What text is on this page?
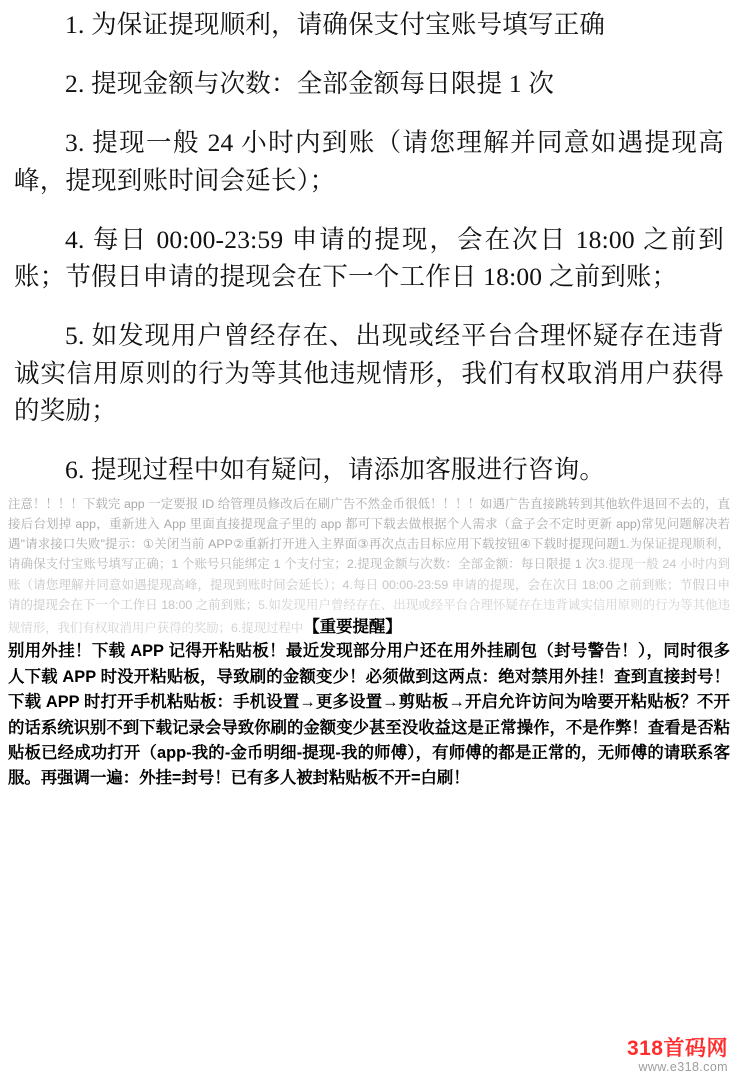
1. 为保证提现顺利，请确保支付宝账号填写正确

2. 提现金额与次数：全部金额每日限提 1 次

3. 提现一般 24 小时内到账（请您理解并同意如遇提现高峰，提现到账时间会延长）；

4. 每日 00:00-23:59 申请的提现，会在次日 18:00 之前到账；节假日申请的提现会在下一个工作日 18:00 之前到账；

5. 如发现用户曾经存在、出现或经平台合理怀疑存在违背诚实信用原则的行为等其他违规情形，我们有权取消用户获得的奖励；

6. 提现过程中如有疑问，请添加客服进行咨询。

注意！！！！下载完 app 一定要报 ID 给管理员修改后在刷广告不然金币很低！！！！如遇广告直接跳转到其他软件退回不去的，直接后台划掉 app，重新进入 App 里面直接提现盒子里的 app 都可下载去做根据个人需求（盒子会不定时更新 app)常见问题解决若遇"请求接口失败"提示：①关闭当前 APP②重新打开进入主界面③再次点击目标应用下载按钮④下载时提现问题1.为保证提现顺利，请确保支付宝账号填写正确；1 个账号只能绑定 1 个支付宝；2.提现金额与次数：全部金额：每日限提 1 次3.提现一般 24 小时内到账（请您理解并同意如遇提现高峰，提现到账时间会延长）；4.每日 00:00-23:59 申请的提现，会在次日 18:00 之前到账；节假日申请的提现会在下一个工作日 18:00 之前到账；5.如发现用户曾经存在、出现或经平台合理怀疑存在违背诚实信用原则的行为等其他违规情形，我们有权取消用户获得的奖励；6.提现过程中【重要提醒】

别用外挂！下载 APP 记得开粘贴板！最近发现部分用户还在用外挂刷包（封号警告！），同时很多人下载 APP 时没开粘贴板，导致刷的金额变少！必须做到这两点：绝对禁用外挂！查到直接封号！下载 APP 时打开手机粘贴板：手机设置→更多设置→剪贴板→开启允许访问为啥要开粘贴板？不开的话系统识别不到下载记录会导致你刷的金额变少甚至没收益这是正常操作，不是作弊！查看是否粘贴板已经成功打开（app-我的-金币明细-提现-我的师傅），有师傅的都是正常的，无师傅的请联系客服。再强调一遍：外挂=封号！已有多人被封粘贴板不开=白刷！

318首码网
www.e318.com
